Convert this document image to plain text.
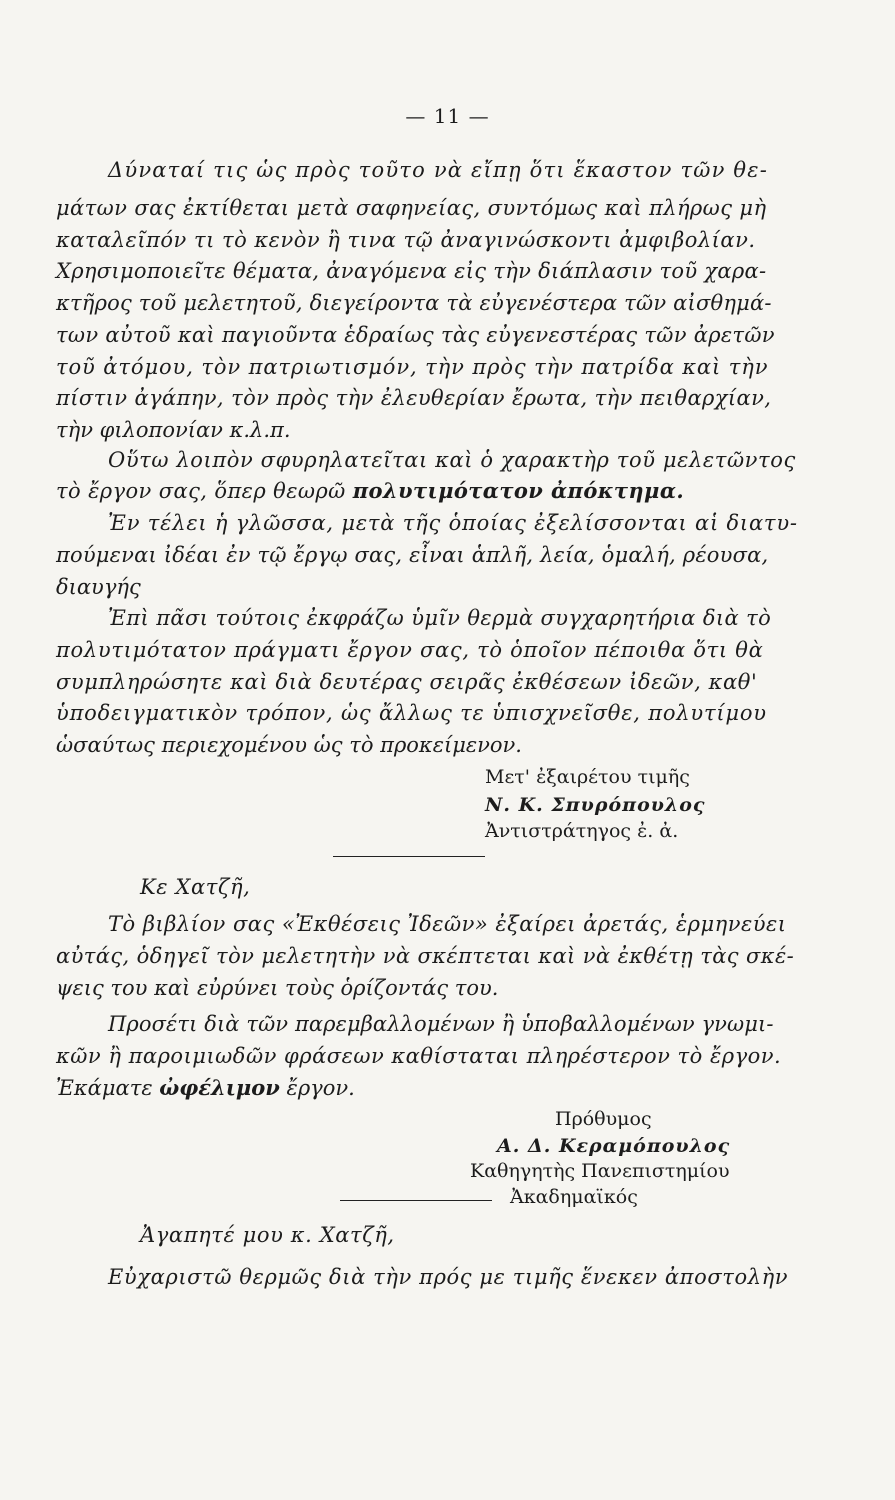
— 11 —
Δύναταί τις ὡς πρὸς τοῦτο νὰ εἴπῃ ὅτι ἕκαστον τῶν θε-
μάτων σας ἐκτίθεται μετὰ σαφηνείας, συντόμως καὶ πλήρως μὴ
καταλεῖπόν τι τὸ κενὸν ἢ τινα τῷ ἀναγινώσκοντι ἀμφιβολίαν.
Χρησιμοποιεῖτε θέματα, ἀναγόμενα εἰς τὴν διάπλασιν τοῦ χαρα-
κτῆρος τοῦ μελετητοῦ, διεγείροντα τὰ εὐγενέστερα τῶν αἰσθημά-
των αὐτοῦ καὶ παγιοῦντα ἑδραίως τὰς εὐγενεστέρας τῶν ἀρετῶν
τοῦ ἀτόμου, τὸν πατριωτισμόν, τὴν πρὸς τὴν πατρίδα καὶ τὴν
πίστιν ἀγάπην, τὸν πρὸς τὴν ἐλευθερίαν ἔρωτα, τὴν πειθαρχίαν,
τὴν φιλοπονίαν κ.λ.π.
Οὕτω λοιπὸν σφυρηλατεῖται καὶ ὁ χαρακτὴρ τοῦ μελετῶντος
τὸ ἔργον σας, ὅπερ θεωρῶ πολυτιμότατον ἀπόκτημα.
Ἐν τέλει ἡ γλῶσσα, μετὰ τῆς ὁποίας ἐξελίσσονται αἱ διατυ-
πούμεναι ἰδέαι ἐν τῷ ἔργῳ σας, εἶναι ἁπλῆ, λεία, ὁμαλή, ρέουσα,
διαυγής
Ἐπὶ πᾶσι τούτοις ἐκφράζω ὑμῖν θερμὰ συγχαρητήρια διὰ τὸ
πολυτιμότατον πράγματι ἔργον σας, τὸ ὁποῖον πέποιθα ὅτι θὰ
συμπληρώσητε καὶ διὰ δευτέρας σειρᾶς ἐκθέσεων ἰδεῶν, καθ'
ὑποδειγματικὸν τρόπον, ὡς ἄλλως τε ὑπισχνεῖσθε, πολυτίμου
ὡσαύτως περιεχομένου ὡς τὸ προκείμενον.
Μετ' ἐξαιρέτου τιμῆς
Ν. Κ. Σπυρόπουλος
Ἀντιστράτηγος ἐ. ἀ.
Κε Χατζῆ,
Τὸ βιβλίον σας «Ἐκθέσεις Ἰδεῶν» ἐξαίρει ἀρετάς, ἑρμηνεύει
αὐτάς, ὁδηγεῖ τὸν μελετητὴν νὰ σκέπτεται καὶ νὰ ἐκθέτῃ τὰς σκέ-
ψεις του καὶ εὐρύνει τοὺς ὁρίζοντάς του.
Προσέτι διὰ τῶν παρεμβαλλομένων ἢ ὑποβαλλομένων γνωμι-
κῶν ἢ παροιμιωδῶν φράσεων καθίσταται πληρέστερον τὸ ἔργον.
Ἐκάματε ὠφέλιμον ἔργον.
Πρόθυμος
Α. Δ. Κεραμόπουλος
Καθηγητὴς Πανεπιστημίου
Ἀκαδημαϊκός
Ἀγαπητέ μου κ. Χατζῆ,
Εὐχαριστῶ θερμῶς διὰ τὴν πρός με τιμῆς ἕνεκεν ἀποστολὴν
